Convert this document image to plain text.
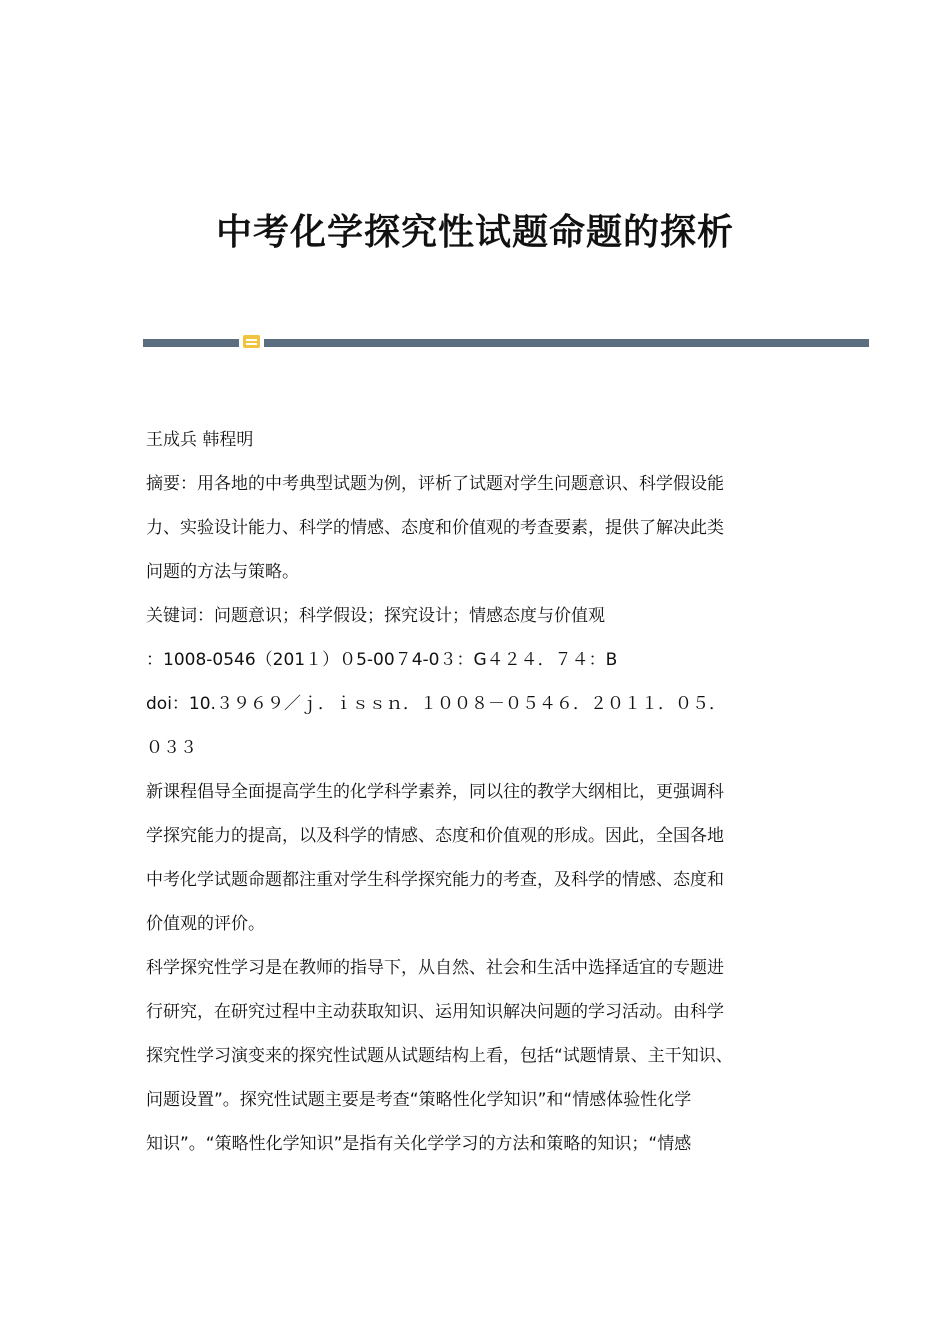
中考化学探究性试题命题的探析

王成兵 韩程明

摘要：用各地的中考典型试题为例，评析了试题对学生问题意识、科学假设能

力、实验设计能力、科学的情感、态度和价值观的考查要素，提供了解决此类

问题的方法与策略。

关键词：问题意识；科学假设；探究设计；情感态度与价值观

：1008-0546（201１）０5-00７4-0３：G４２４．７４：B

doi：10.３９６９／ｊ．ｉｓｓｎ．１００８－０５４６．２０１１．０５．

０３３

新课程倡导全面提高学生的化学科学素养，同以往的教学大纲相比，更强调科

学探究能力的提高，以及科学的情感、态度和价值观的形成。因此，全国各地

中考化学试题命题都注重对学生科学探究能力的考查，及科学的情感、态度和

价值观的评价。

科学探究性学习是在教师的指导下，从自然、社会和生活中选择适宜的专题进

行研究，在研究过程中主动获取知识、运用知识解决问题的学习活动。由科学

探究性学习演变来的探究性试题从试题结构上看，包括“试题情景、主干知识、

问题设置”。探究性试题主要是考查“策略性化学知识”和“情感体验性化学

知识”。“策略性化学知识”是指有关化学学习的方法和策略的知识；“情感
